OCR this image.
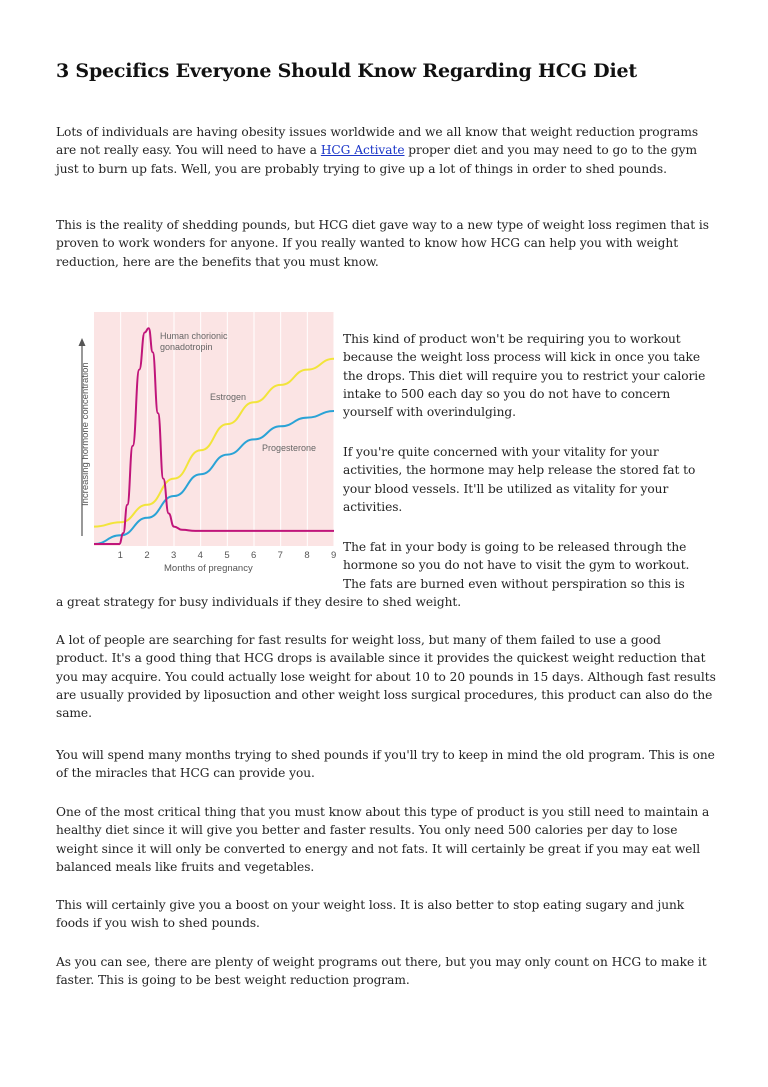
3 Specifics Everyone Should Know Regarding HCG Diet

Lots of individuals are having obesity issues worldwide and we all know that weight reduction programs are not really easy. You will need to have a HCG Activate proper diet and you may need to go to the gym just to burn up fats. Well, you are probably trying to give up a lot of things in order to shed pounds.

This is the reality of shedding pounds, but HCG diet gave way to a new type of weight loss regimen that is proven to work wonders for anyone. If you really wanted to know how HCG can help you with weight reduction, here are the benefits that you must know.

Increasing hormone concentration
1 2 3 4 5 6 7 8 9
Months of pregnancy
Human chorionic
gonadotropin
Estrogen
Progesterone

This kind of product won't be requiring you to workout because the weight loss process will kick in once you take the drops. This diet will require you to restrict your calorie intake to 500 each day so you do not have to concern yourself with overindulging.

If you're quite concerned with your vitality for your activities, the hormone may help release the stored fat to your blood vessels. It'll be utilized as vitality for your activities.

The fat in your body is going to be released through the hormone so you do not have to visit the gym to workout. The fats are burned even without perspiration so this is

a great strategy for busy individuals if they desire to shed weight.

A lot of people are searching for fast results for weight loss, but many of them failed to use a good product. It's a good thing that HCG drops is available since it provides the quickest weight reduction that you may acquire. You could actually lose weight for about 10 to 20 pounds in 15 days. Although fast results are usually provided by liposuction and other weight loss surgical procedures, this product can also do the same.

You will spend many months trying to shed pounds if you'll try to keep in mind the old program. This is one of the miracles that HCG can provide you.

One of the most critical thing that you must know about this type of product is you still need to maintain a healthy diet since it will give you better and faster results. You only need 500 calories per day to lose weight since it will only be converted to energy and not fats. It will certainly be great if you may eat well balanced meals like fruits and vegetables.

This will certainly give you a boost on your weight loss. It is also better to stop eating sugary and junk foods if you wish to shed pounds.

As you can see, there are plenty of weight programs out there, but you may only count on HCG to make it faster. This is going to be best weight reduction program.
